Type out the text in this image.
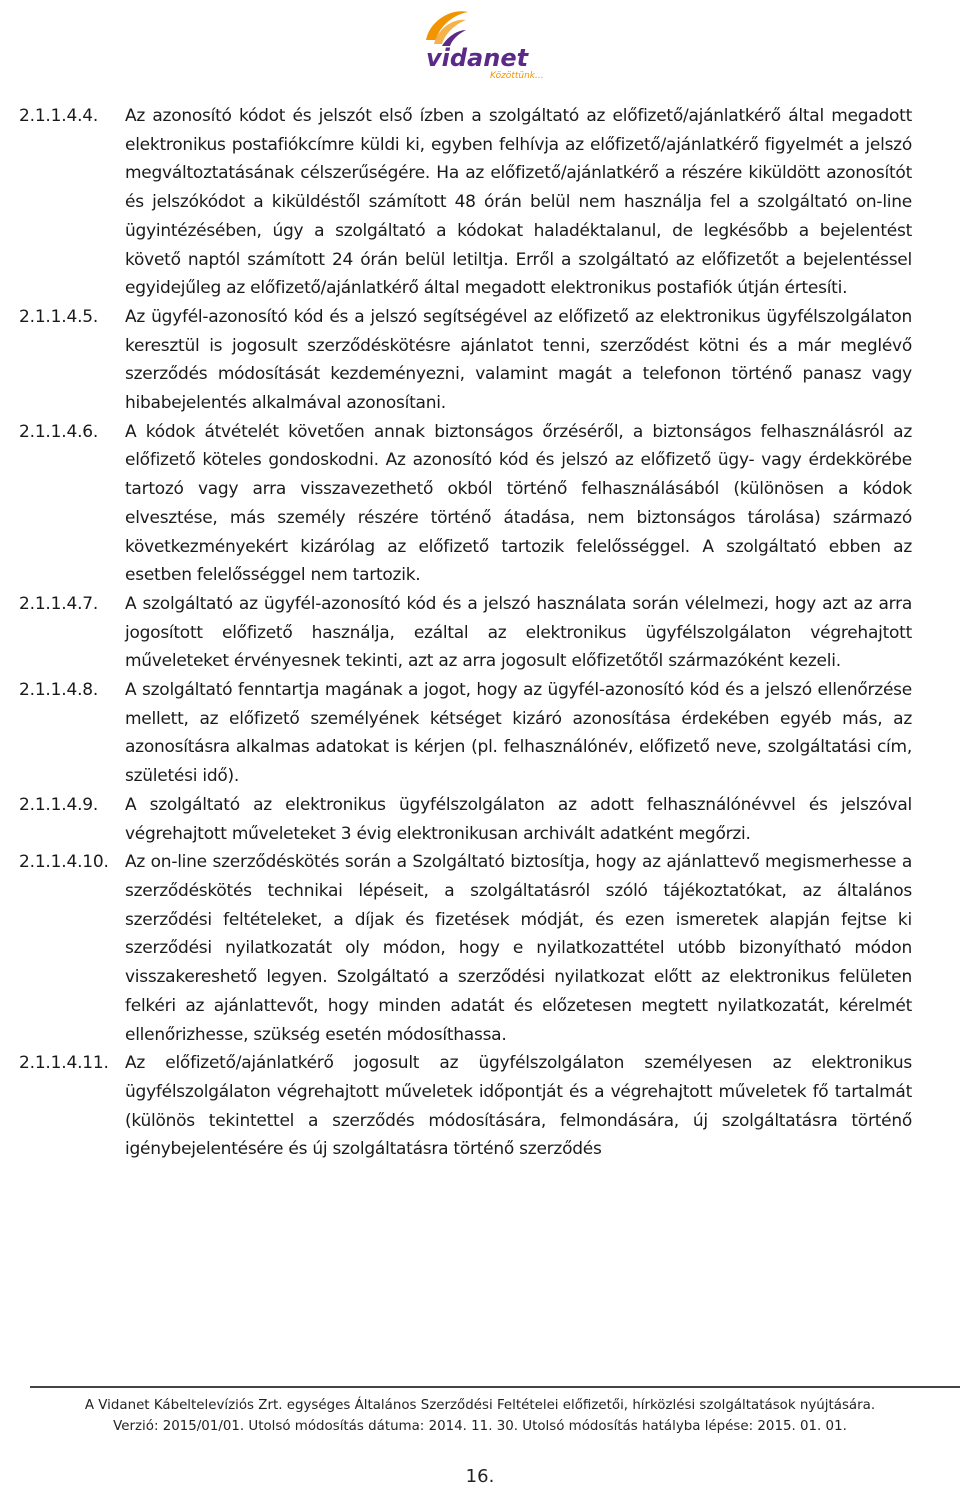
vidanet
Közöttünk...
2.1.1.4.4.	Az azonosító kódot és jelszót első ízben a szolgáltató az előfizető/ajánlatkérő által megadott elektronikus postafiókcímre küldi ki, egyben felhívja az előfizető/ajánlatkérő figyelmét a jelszó megváltoztatásának célszerűségére. Ha az előfizető/ajánlatkérő a részére kiküldött azonosítót és jelszókódot a kiküldéstől számított 48 órán belül nem használja fel a szolgáltató on-line ügyintézésében, úgy a szolgáltató a kódokat haladéktalanul, de legkésőbb a bejelentést követő naptól számított 24 órán belül letiltja. Erről a szolgáltató az előfizetőt a bejelentéssel egyidejűleg az előfizető/ajánlatkérő által megadott elektronikus postafiók útján értesíti.
2.1.1.4.5.	Az ügyfél-azonosító kód és a jelszó segítségével az előfizető az elektronikus ügyfélszolgálaton keresztül is jogosult szerződéskötésre ajánlatot tenni, szerződést kötni és a már meglévő szerződés módosítását kezdeményezni, valamint magát a telefonon történő panasz vagy hibabejelentés alkalmával azonosítani.
2.1.1.4.6.	A kódok átvételét követően annak biztonságos őrzéséről, a biztonságos felhasználásról az előfizető köteles gondoskodni. Az azonosító kód és jelszó az előfizető ügy- vagy érdekkörébe tartozó vagy arra visszavezethető okból történő felhasználásából (különösen a kódok elvesztése, más személy részére történő átadása, nem biztonságos tárolása) származó következményekért kizárólag az előfizető tartozik felelősséggel. A szolgáltató ebben az esetben felelősséggel nem tartozik.
2.1.1.4.7.	A szolgáltató az ügyfél-azonosító kód és a jelszó használata során vélelmezi, hogy azt az arra jogosított előfizető használja, ezáltal az elektronikus ügyfélszolgálaton végrehajtott műveleteket érvényesnek tekinti, azt az arra jogosult előfizetőtől származóként kezeli.
2.1.1.4.8.	A szolgáltató fenntartja magának a jogot, hogy az ügyfél-azonosító kód és a jelszó ellenőrzése mellett, az előfizető személyének kétséget kizáró azonosítása érdekében egyéb más, az azonosításra alkalmas adatokat is kérjen (pl. felhasználónév, előfizető neve, szolgáltatási cím, születési idő).
2.1.1.4.9.	A szolgáltató az elektronikus ügyfélszolgálaton az adott felhasználónévvel és jelszóval végrehajtott műveleteket 3 évig elektronikusan archivált adatként megőrzi.
2.1.1.4.10. Az on-line szerződéskötés során a Szolgáltató biztosítja, hogy az ajánlattevő megismerhesse a szerződéskötés technikai lépéseit, a szolgáltatásról szóló tájékoztatókat, az általános szerződési feltételeket, a díjak és fizetések módját, és ezen ismeretek alapján fejtse ki szerződési nyilatkozatát oly módon, hogy e nyilatkozattétel utóbb bizonyítható módon visszakereshető legyen. Szolgáltató a szerződési nyilatkozat előtt az elektronikus felületen felkéri az ajánlattevőt, hogy minden adatát és előzetesen megtett nyilatkozatát, kérelmét ellenőrizhesse, szükség esetén módosíthassa.
2.1.1.4.11. Az előfizető/ajánlatkérő jogosult az ügyfélszolgálaton személyesen az elektronikus ügyfélszolgálaton végrehajtott műveletek időpontját és a végrehajtott műveletek fő tartalmát (különös tekintettel a szerződés módosítására, felmondására, új szolgáltatásra történő igénybejelentésére és új szolgáltatásra történő szerződés
A Vidanet Kábeltelevíziós Zrt. egységes Általános Szerződési Feltételei előfizetői, hírközlési szolgáltatások nyújtására.
Verzió: 2015/01/01. Utolsó módosítás dátuma: 2014. 11. 30. Utolsó módosítás hatályba lépése: 2015. 01. 01.
16.
